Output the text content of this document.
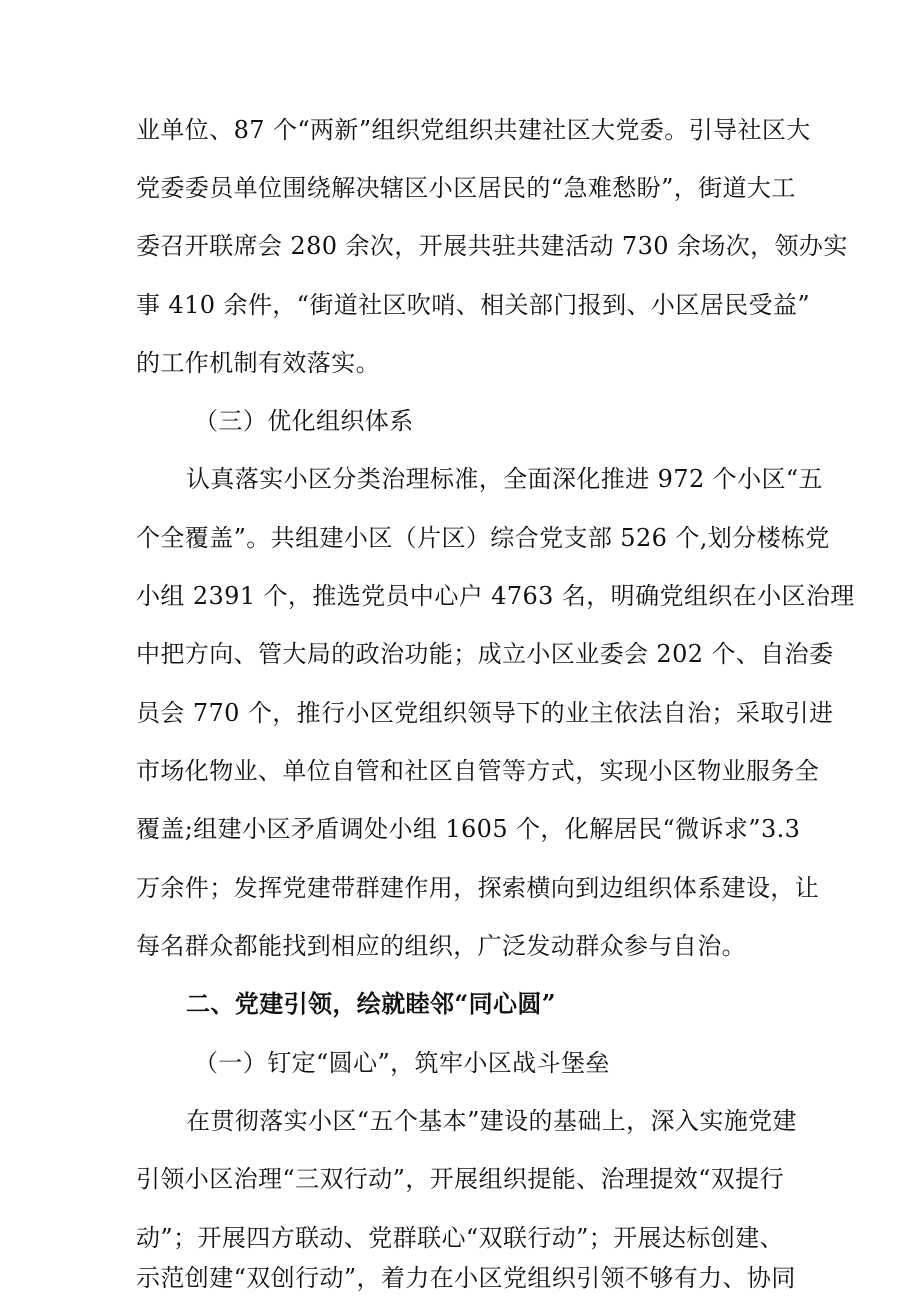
业单位、87 个“两新”组织党组织共建社区大党委。引导社区大
党委委员单位围绕解决辖区小区居民的“急难愁盼”，街道大工
委召开联席会 280 余次，开展共驻共建活动 730 余场次，领办实
事 410 余件，“街道社区吹哨、相关部门报到、小区居民受益”
的工作机制有效落实。
（三）优化组织体系
认真落实小区分类治理标准，全面深化推进 972 个小区“五
个全覆盖”。共组建小区（片区）综合党支部 526 个,划分楼栋党
小组 2391 个，推选党员中心户 4763 名，明确党组织在小区治理
中把方向、管大局的政治功能；成立小区业委会 202 个、自治委
员会 770 个，推行小区党组织领导下的业主依法自治；采取引进
市场化物业、单位自管和社区自管等方式，实现小区物业服务全
覆盖;组建小区矛盾调处小组 1605 个，化解居民“微诉求”3.3
万余件；发挥党建带群建作用，探索横向到边组织体系建设，让
每名群众都能找到相应的组织，广泛发动群众参与自治。
二、党建引领，绘就睦邻“同心圆”
（一）钉定“圆心”，筑牢小区战斗堡垒
在贯彻落实小区“五个基本”建设的基础上，深入实施党建
引领小区治理“三双行动”，开展组织提能、治理提效“双提行
动”；开展四方联动、党群联心“双联行动”；开展达标创建、
示范创建“双创行动”，着力在小区党组织引领不够有力、协同
